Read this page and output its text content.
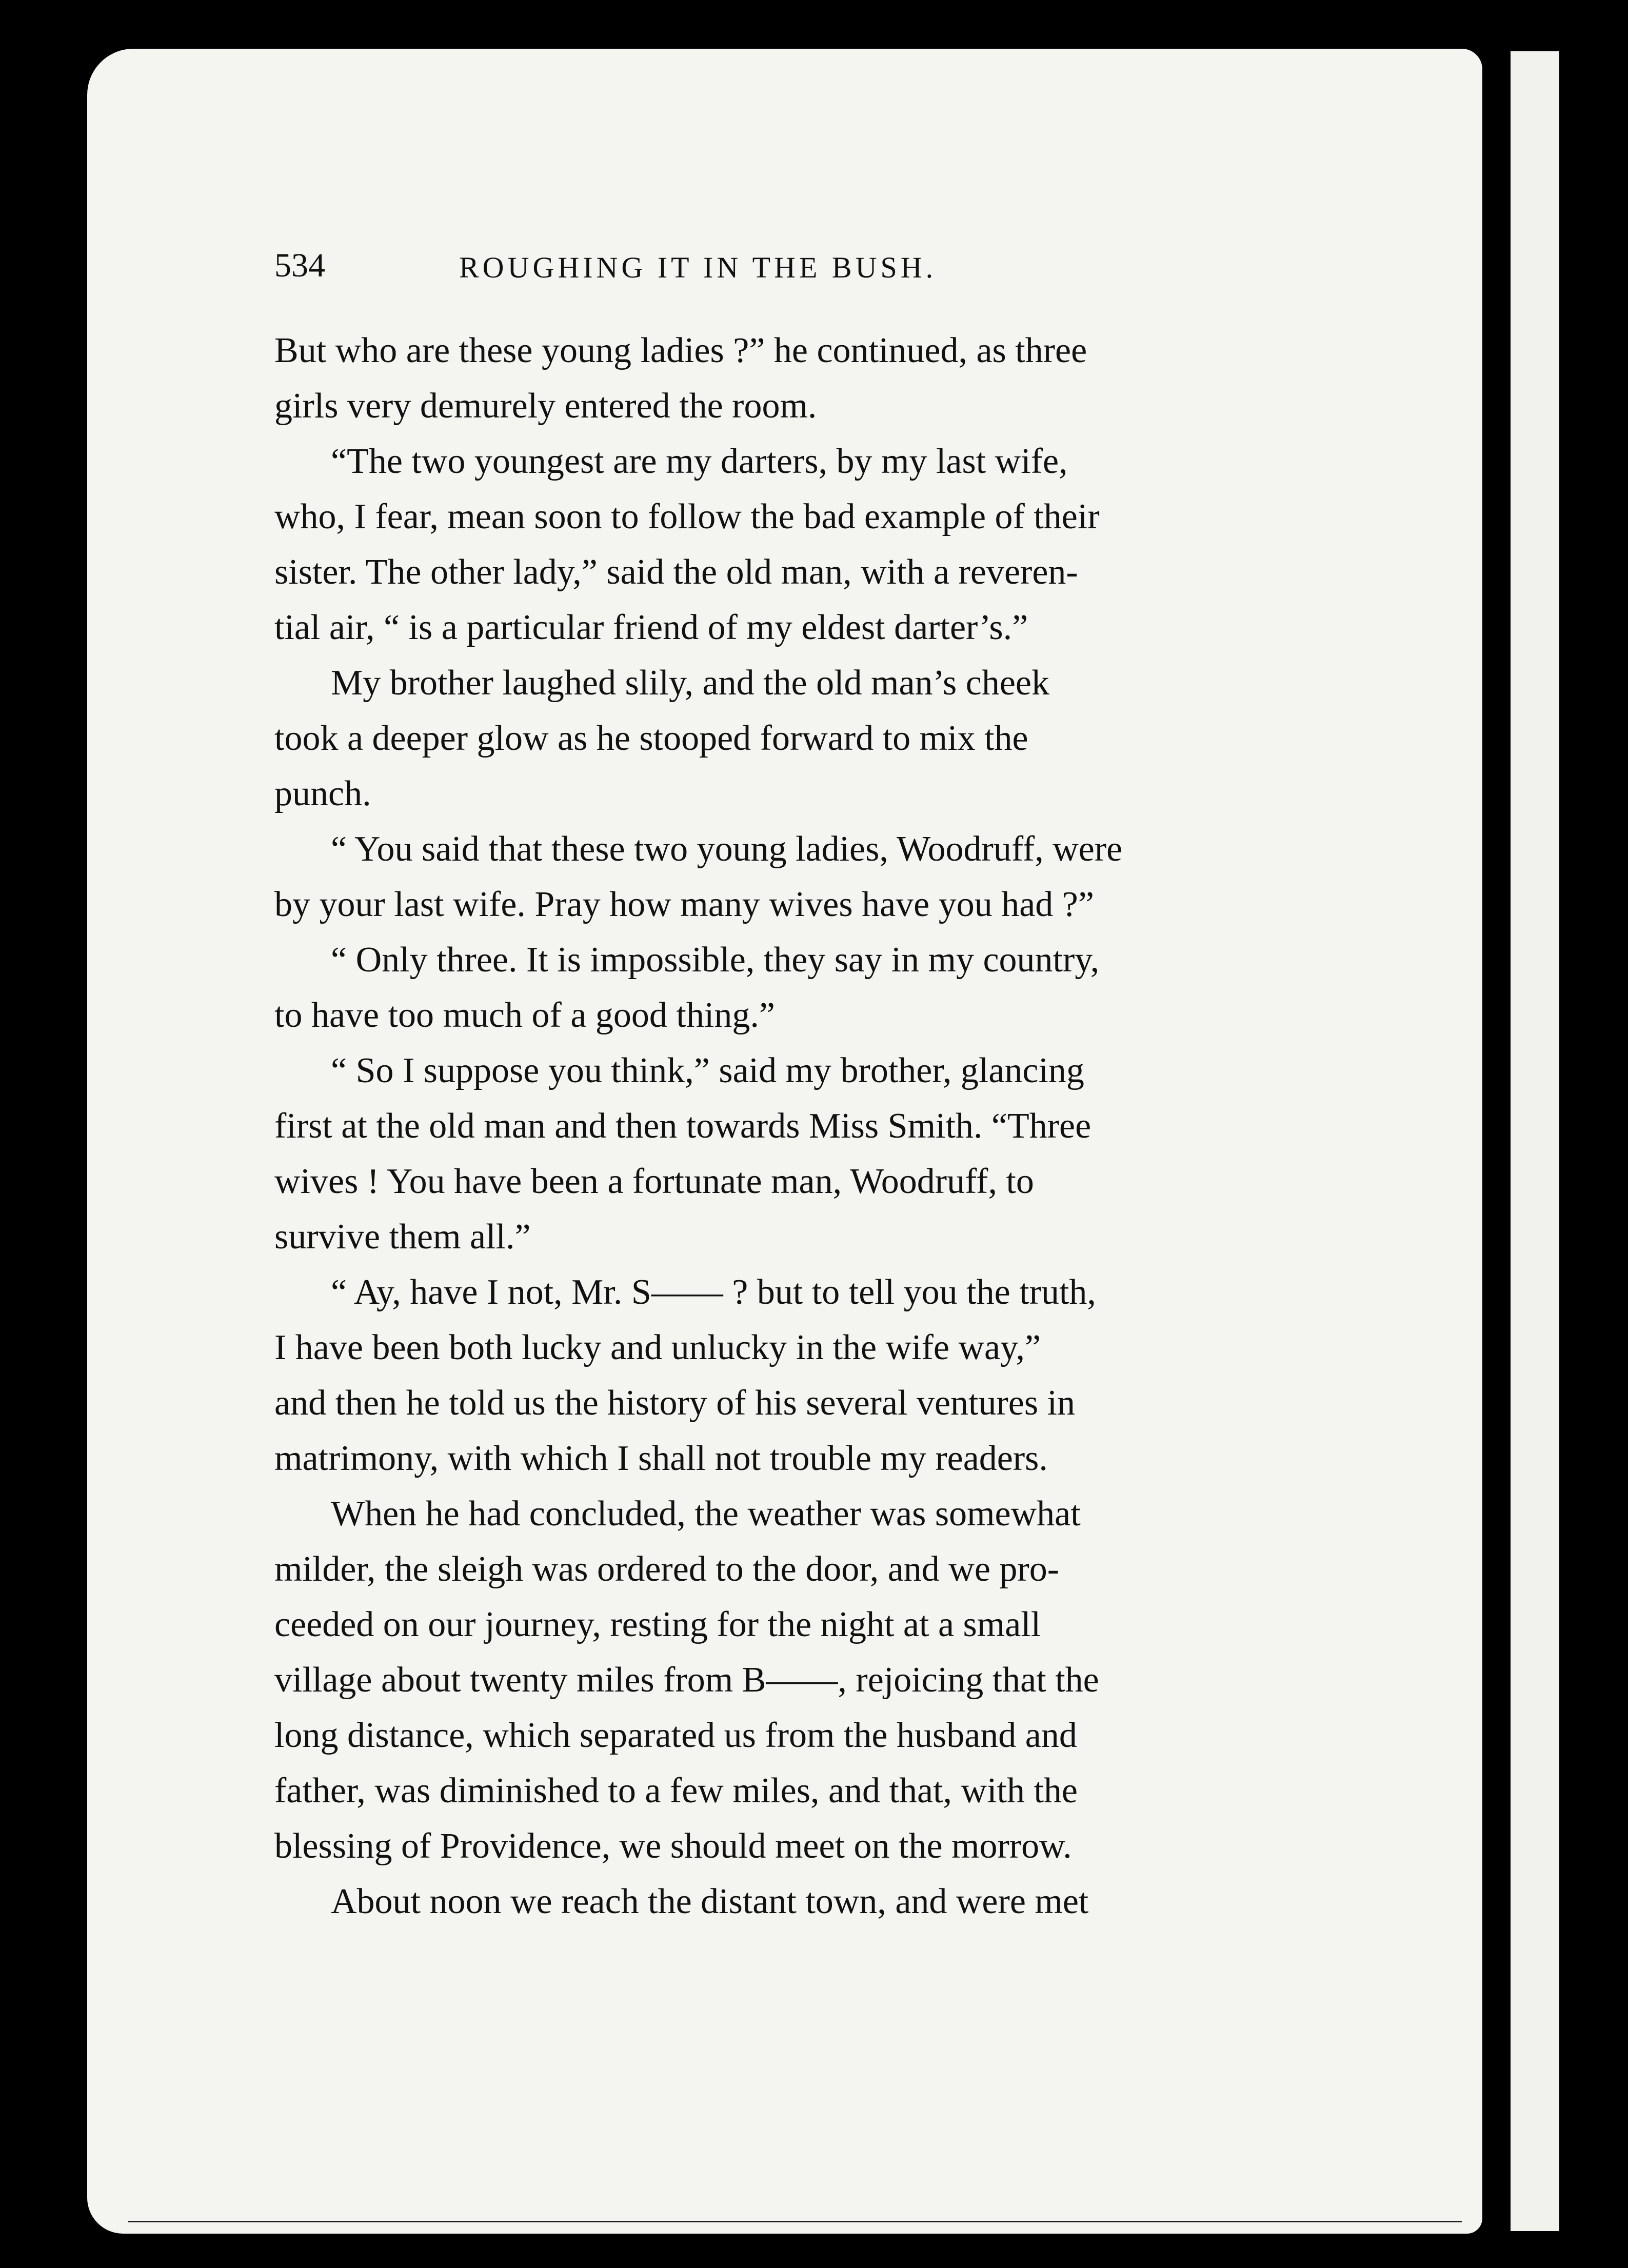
534	ROUGHING IT IN THE BUSH.
But who are these young ladies ?” he continued, as three
girls very demurely entered the room.
“The two youngest are my darters, by my last wife,
who, I fear, mean soon to follow the bad example of their
sister. The other lady,” said the old man, with a reveren-
tial air, “ is a particular friend of my eldest darter’s.”
My brother laughed slily, and the old man’s cheek
took a deeper glow as he stooped forward to mix the
punch.
“ You said that these two young ladies, Woodruff, were
by your last wife. Pray how many wives have you had ?”
“ Only three. It is impossible, they say in my country,
to have too much of a good thing.”
“ So I suppose you think,” said my brother, glancing
first at the old man and then towards Miss Smith. “Three
wives ! You have been a fortunate man, Woodruff, to
survive them all.”
“ Ay, have I not, Mr. S—— ? but to tell you the truth,
I have been both lucky and unlucky in the wife way,”
and then he told us the history of his several ventures in
matrimony, with which I shall not trouble my readers.
When he had concluded, the weather was somewhat
milder, the sleigh was ordered to the door, and we pro-
ceeded on our journey, resting for the night at a small
village about twenty miles from B——, rejoicing that the
long distance, which separated us from the husband and
father, was diminished to a few miles, and that, with the
blessing of Providence, we should meet on the morrow.
About noon we reach the distant town, and were met
